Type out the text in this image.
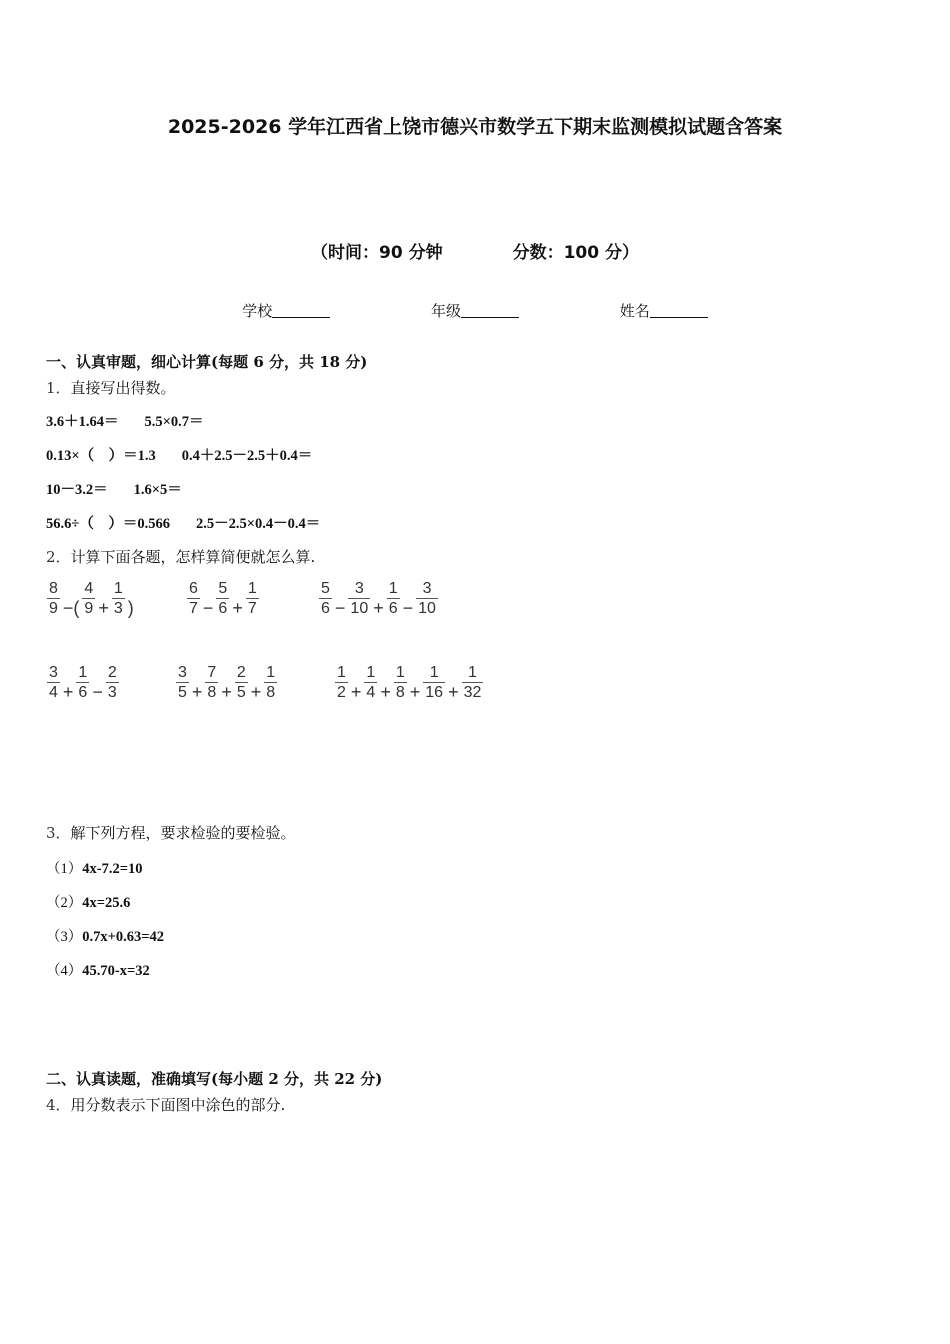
2025-2026 学年江西省上饶市德兴市数学五下期末监测模拟试题含答案
（时间：90 分钟	分数：100 分）
学校	年级	姓名
一、认真审题，细心计算(每题 6 分，共 18 分)
1．直接写出得数。
3.6＋1.64＝ 5.5×0.7＝
0.13×（　）＝1.3 0.4＋2.5－2.5＋0.4＝
10－3.2＝ 1.6×5＝
56.6÷（　）＝0.566 2.5－2.5×0.4－0.4＝
2．计算下面各题，怎样算简便就怎么算.
$\frac{8}{9}$ −( $\frac{4}{9} + \frac{1}{3}$ )	$\frac{6}{7} - \frac{5}{6} + \frac{1}{7}$	$\frac{5}{6} - \frac{3}{10} + \frac{1}{6} - \frac{3}{10}$
$\frac{3}{4} + \frac{1}{6} - \frac{2}{3}$	$\frac{3}{5} + \frac{7}{8} + \frac{2}{5} + \frac{1}{8}$	$\frac{1}{2} + \frac{1}{4} + \frac{1}{8} + \frac{1}{16} + \frac{1}{32}$
3．解下列方程，要求检验的要检验。
（1）4x-7.2=10
（2）4x=25.6
（3）0.7x+0.63=42
（4）45.70-x=32
二、认真读题，准确填写(每小题 2 分，共 22 分)
4．用分数表示下面图中涂色的部分.
